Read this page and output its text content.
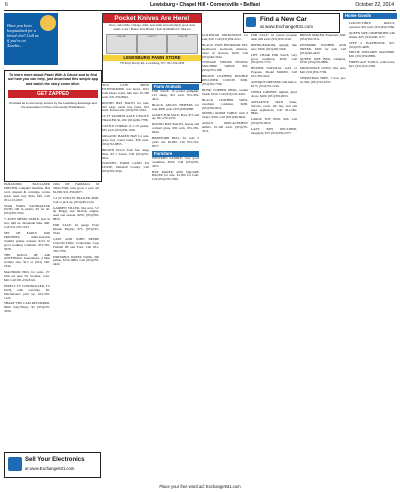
6	Lewisburg • Chapel Hill • Cornersville • Belfast	October 22, 2014
Have you been hospitalized for a blood clot? Call us if you're on Xarelto...
Pocket Knives Are Here!
New, collectible, vintage, mint, near-mint and extremely good used items. Case • Bokar True Brand • Kott & Mumford • Marvel
Case 65	Case 57	Case 58
LEWISBURG PAWN STORE
735 Petty Boody Rd., Lewisburg, TN • 931-359-2656
Find a New Car
at www.Exchange931.com
Home Goods
To learn more about Pawn With A Cause and to find out how you can help, just download this simple app and watch the story come alive.
GET ZAPPED
Provided as a community service by the Lewisburg Exchange and the Association of Free Community Publications

PANASONIC FAX/LASER PRINTER computer machine. Has cord, manual & cartridge, works great, used very little, $45. Call 931-123-4567.

STAR WARS VANIDAKLER DVD's still in plastic, $5 for all. (931)359-7022.

7' AVEN MEMO TABLE, new in box, $40 ea. Mountain bike, $60. Call 931-270-1233.

SET OF EARLY 1920 PRINTERS, multi-function Toshiba printer scanner, $115. In good working condition. 931-359-5678.

THE ROLLS OF AIR ANTENNAS, Guaranteed, 4 Man women size, $15 or (931) 246-2344.

MACBOOK PRO, for parts, 15" with ear new, 50, Scanner, color. $40. Call 931-259-8122.

DIRECT TV CONTROLLER, TV DVD, with warranty. $5. Macfarlane's pick up. 931-359-1122.

SHARP VHS CAM RECORDER, 8mm Sony/Sharp. $5 (931)270-3456.

1964 DE FARMALL M TRACTOR, runs good, 5 year old $2,000, 931-359-6677.

5 x 10' UTILITY TRAILER, $900. Call or pick up. (931)246-1234.

GARDEN TILLER, like new, 5.5 hp Briggs and Stratton engine, used one season, $250. (931)359-8833.

FOR SALE: 16 gauge Polar Drums Engine, $75. (931)722-5544.

CASE AND JOHN DEERE COLLECTION, Collectable Case Farmall IH and Ford. Call 931-359-7700.

PORTABLE WATER TANK, 300 gallon, $150 OBO. Call (931)270-4422.

2014 CASE 580SN EXTENDAHOE, low hours. 2015 John Deere Gator, like new. $7,500 each. 931-359-8822.

ROUND HAY BALES for sale, 4x5 large round hay bales. $25 each. Fescue mix. (931)270-5544.

16 FT TANDEM AXLE UTILITY TRAILER, $1,100. (931)246-7788.

CATTLE CORRAL 6' x 10' panels, $35 each. (931)359-1199.

ORGANIC BAKED HAY for sale, grass fed, round bales. $30 each. (931)722-8855.

BROWN EGGS from free range hens, $3 a dozen. Call (931)270-6611.

WANTED: FARM LAND TO LEASE, Marshall County. Call (931)359-3344.

Farm Animals

FOR SALE: 16 pound pumpkin, 1x5 sheep, $12 each. 931-359-4411.

BLACK ANGUS HEIFERS for sale, $850 each. (931)246-9988.

GOATS FOR SALE, Boer, $75 and up. 931-270-2233.

ROUND HAY BALES, fescue and orchard grass, $30 each. 931-359-6644.

HEREFORD BULL for sale, 2 years old. $2,000. Call 931-722-6677.

Furniture

WESTERN SADDLE, very good condition, $350. Call (931)359-4455.

HAY RAKER AND SQUARE BALER for sale. $1,500 for both. Call (931)270-5599.

GOLDSTAR MICROWAVE for sale, $50. Call (931)359-2211.

BLACK TWIN BEDROOM SET, headboard, footboard, mattress, chest of drawers, $250. Call (931)246-3344.

VINTAGE SINGER SEWING MACHINE TABLE, $50. (931)270-1188.

BROWN LEATHER DOUBLE RECLINER COUCH, $300. (931)359-7766.

BUNK CORNER DESK, walnut finish, $150. Call (931)722-4422.

BLACK LEATHER SOFA, excellent condition, $200. (931)359-9911.

DINING ROOM TABLE with 6 chairs, $350. Call (931)246-6622.

ANGUS REPLACEMENT heifers, $1,100 each. (931)270-3311.

FOR SALE: 16 pound propane tank, $20 each. (931)359-1100.

REFRIGERATOR, upright, like new, $300. (931)246-5566.

LIFT CHAIR FOR SALE, very good condition. $250. Call (931)270-7755.

HEATER NATURAL GAS or Propane, Model MOD50. Call 931-359-3322.

ANTIQUE DRESSER with mirror, $175. (931)722-1144.

CHINA CABINET, lighted, glass doors. $200. (931)359-6633.

APPLIANCE MAN Sales, Service, parts. We buy and sell used appliances. Call 931-246-8844.

LARGE TOY BOX, $20. Call (931)270-9922.

LAZY BOY RECLINER, burgundy, $75. (931)359-2277.

BREAD MAKER, Panasonic, $40. (931)359-5511.

KENMORE WASHER AND DRYER, $200 for pair. Call (931)246-4433.

QUEEN SIZE BED, complete, $150. (931)270-8866.

MICROWAVE OVEN, like new, $40. (931)359-7799.

CHRISTMAS TREE, 7 foot, pre-lit, $50. (931)722-2255.

COLLECTIBLE DOLLS, assorted, $10 each. (931)359-3366.

QUEEN SIZE COMFORTER with shams, $25. (931)246-1177.

STEP 2 PLAYHOUSE, $75. (931)270-4488.

MOVIE POPCORN MACHINE, $30. (931)359-8899.

FIREPLACE TOOLS, solid brass, $25. (931)722-3300.

Sell Your Electronics
at www.Exchange931.com
Place your free word ad: Exchange931.com
